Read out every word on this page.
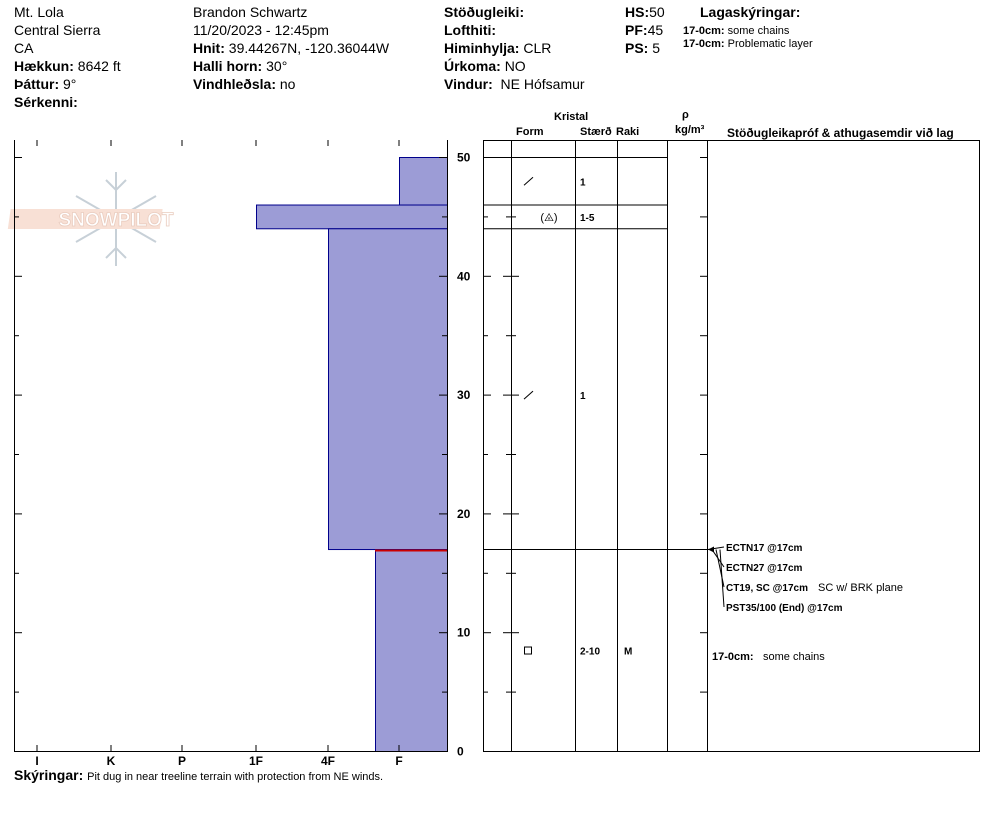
Mt. Lola
Central Sierra
CA
Hækkun: 8642 ft
Þáttur: 9°
Sérkenni:
Brandon Schwartz
11/20/2023 - 12:45pm
Hnit: 39.44267N, -120.36044W
Halli horn: 30°
Vindhleðsla: no
Stöðugleiki:
Lofthiti:
Himinhylja: CLR
Úrkoma: NO
Vindur: NE Hófsamur
HS:50
PF:45
PS: 5
Lagaskýringar:
17-0cm: some chains
17-0cm: Problematic layer
Kristal
Form	Stærð Raki
ρ
kg/m³ Stöðugleikapróf & athugasemdir við lag
SNOWPILOT
I	K	P	1F	4F	F
0
10
20
30
40
50
1
(⨻) 1-5
1
2-10 M
ECTN17 @17cm
ECTN27 @17cm
CT19, SC @17cm SC w/ BRK plane
PST35/100 (End) @17cm
17-0cm: some chains
Skýringar: Pit dug in near treeline terrain with protection from NE winds.
